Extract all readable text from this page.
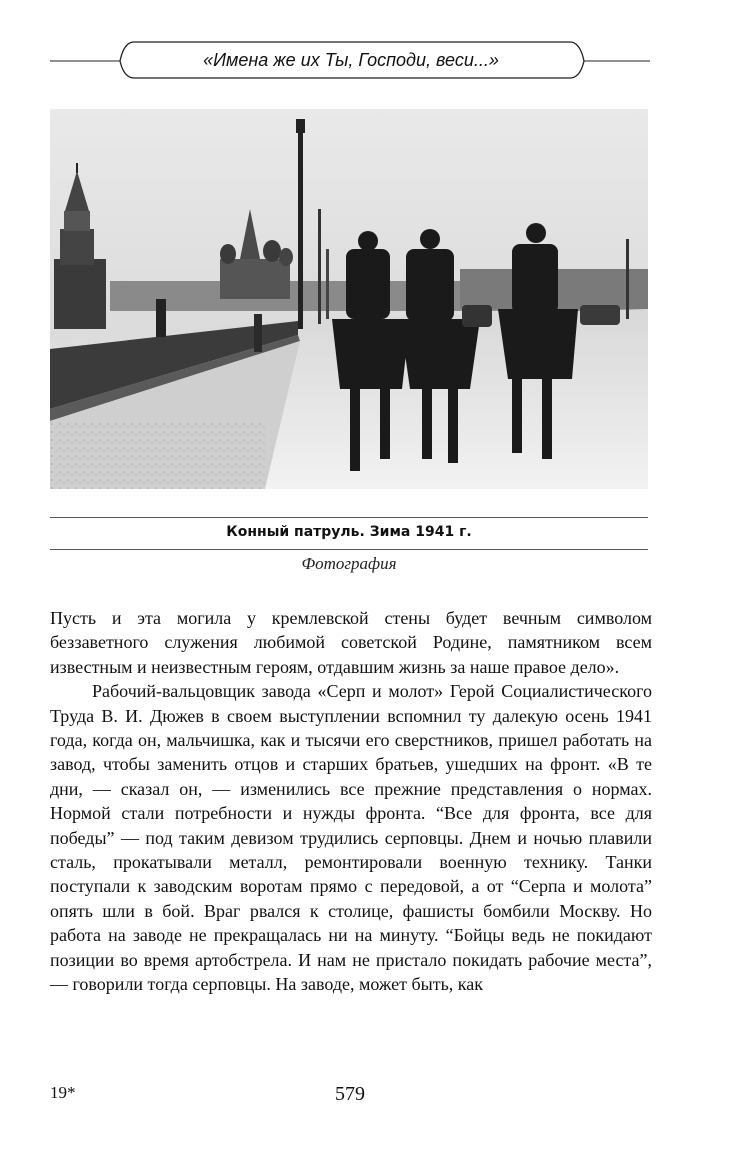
«Имена же их Ты, Господи, веси...»
Конный патруль. Зима 1941 г.
Фотография

Пусть и эта могила у кремлевской стены будет вечным символом беззаветного служения любимой советской Родине, памятником всем известным и неизвестным героям, отдавшим жизнь за наше правое дело».

Рабочий-вальцовщик завода «Серп и молот» Герой Социалистического Труда В. И. Дюжев в своем выступлении вспомнил ту далекую осень 1941 года, когда он, мальчишка, как и тысячи его сверстников, пришел работать на завод, чтобы заменить отцов и старших братьев, ушедших на фронт. «В те дни, — сказал он, — изменились все прежние представления о нормах. Нормой стали потребности и нужды фронта. “Все для фронта, все для победы” — под таким девизом трудились серповцы. Днем и ночью плавили сталь, прокатывали металл, ремонтировали военную технику. Танки поступали к заводским воротам прямо с передовой, а от “Серпа и молота” опять шли в бой. Враг рвался к столице, фашисты бомбили Москву. Но работа на заводе не прекращалась ни на минуту. “Бойцы ведь не покидают позиции во время артобстрела. И нам не пристало покидать рабочие места”, — говорили тогда серповцы. На заводе, может быть, как

19*	579
